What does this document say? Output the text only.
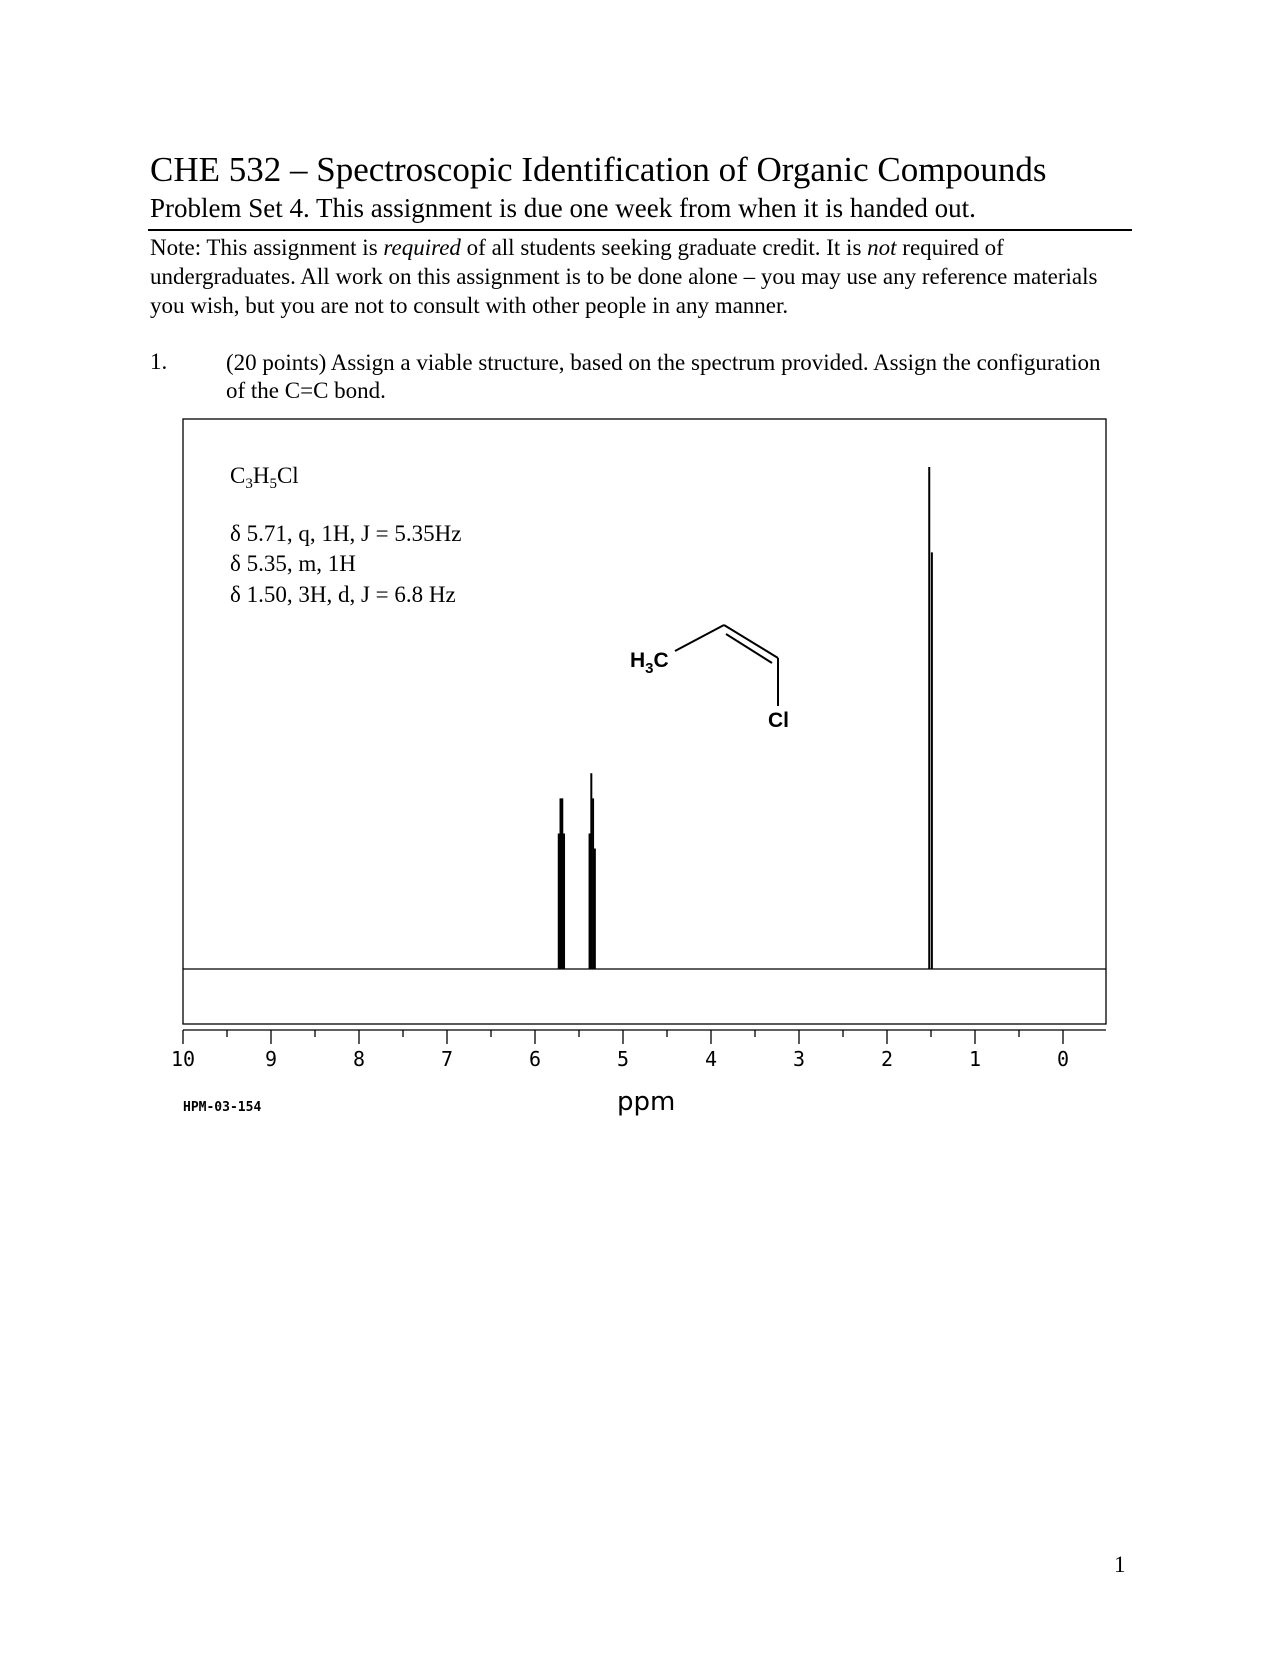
CHE 532 – Spectroscopic Identification of Organic Compounds
Problem Set 4. This assignment is due one week from when it is handed out.
Note: This assignment is required of all students seeking graduate credit. It is not required of undergraduates. All work on this assignment is to be done alone – you may use any reference materials you wish, but you are not to consult with other people in any manner.
1.	(20 points) Assign a viable structure, based on the spectrum provided. Assign the configuration of the C=C bond.
$C_3H_5Cl$
δ 5.71, q, 1H, J = 5.35Hz
δ 5.35, m, 1H
δ 1.50, 3H, d, J = 6.8 Hz
$H_3C$
Cl
10	9	8	7	6	5	4	3	2	1	0
ppm
HPM-03-154
1
